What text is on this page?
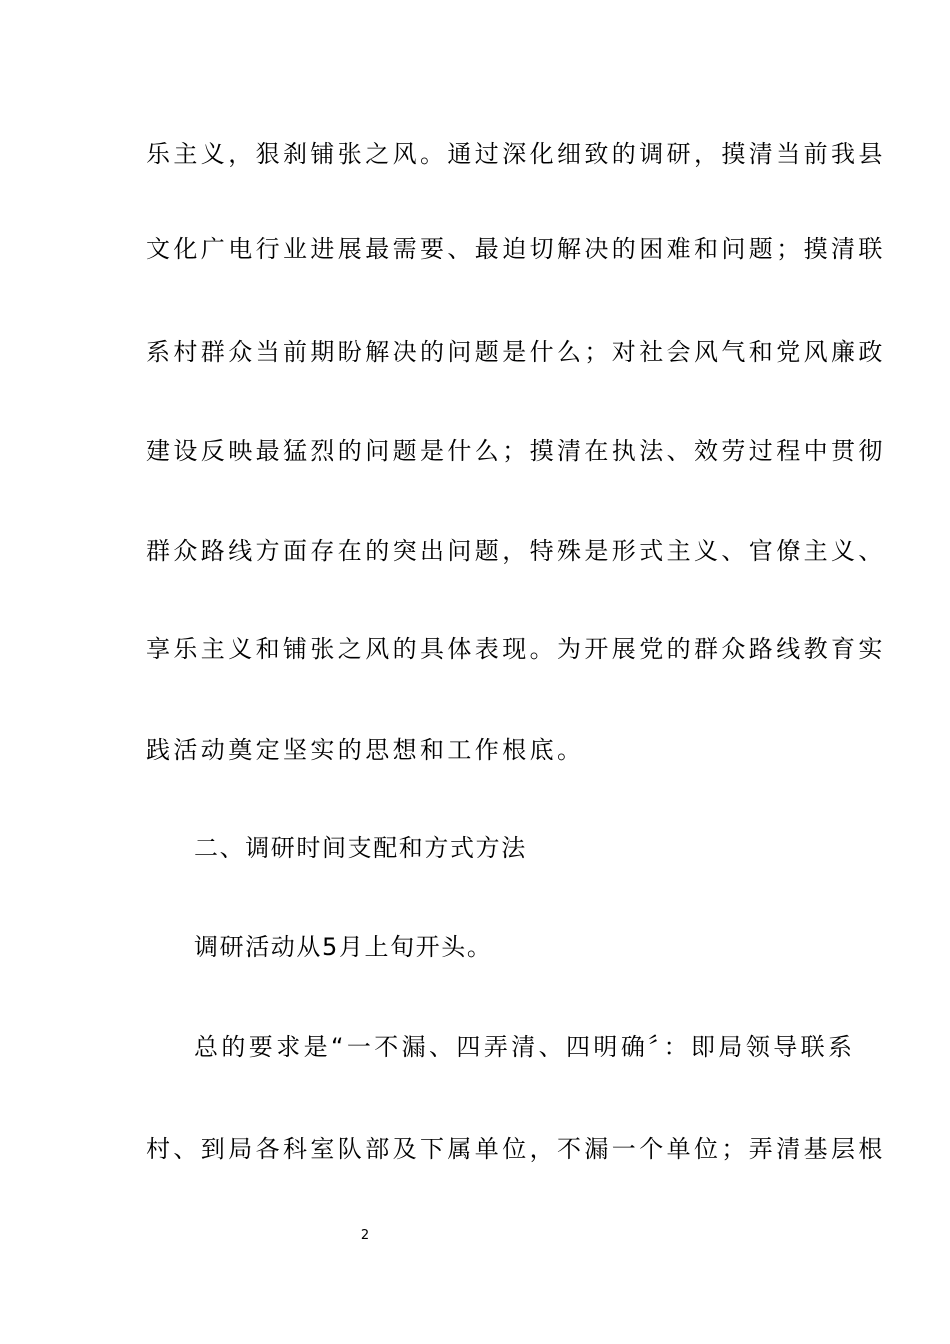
乐主义，狠刹铺张之风。通过深化细致的调研，摸清当前我县
文化广电行业进展最需要、最迫切解决的困难和问题；摸清联
系村群众当前期盼解决的问题是什么；对社会风气和党风廉政
建设反映最猛烈的问题是什么；摸清在执法、效劳过程中贯彻
群众路线方面存在的突出问题，特殊是形式主义、官僚主义、
享乐主义和铺张之风的具体表现。为开展党的群众路线教育实
践活动奠定坚实的思想和工作根底。
二、调研时间支配和方式方法
调研活动从5月上旬开头。
总的要求是“一不漏、四弄清、四明确〞：即局领导联系
村、到局各科室队部及下属单位，不漏一个单位；弄清基层根
2
